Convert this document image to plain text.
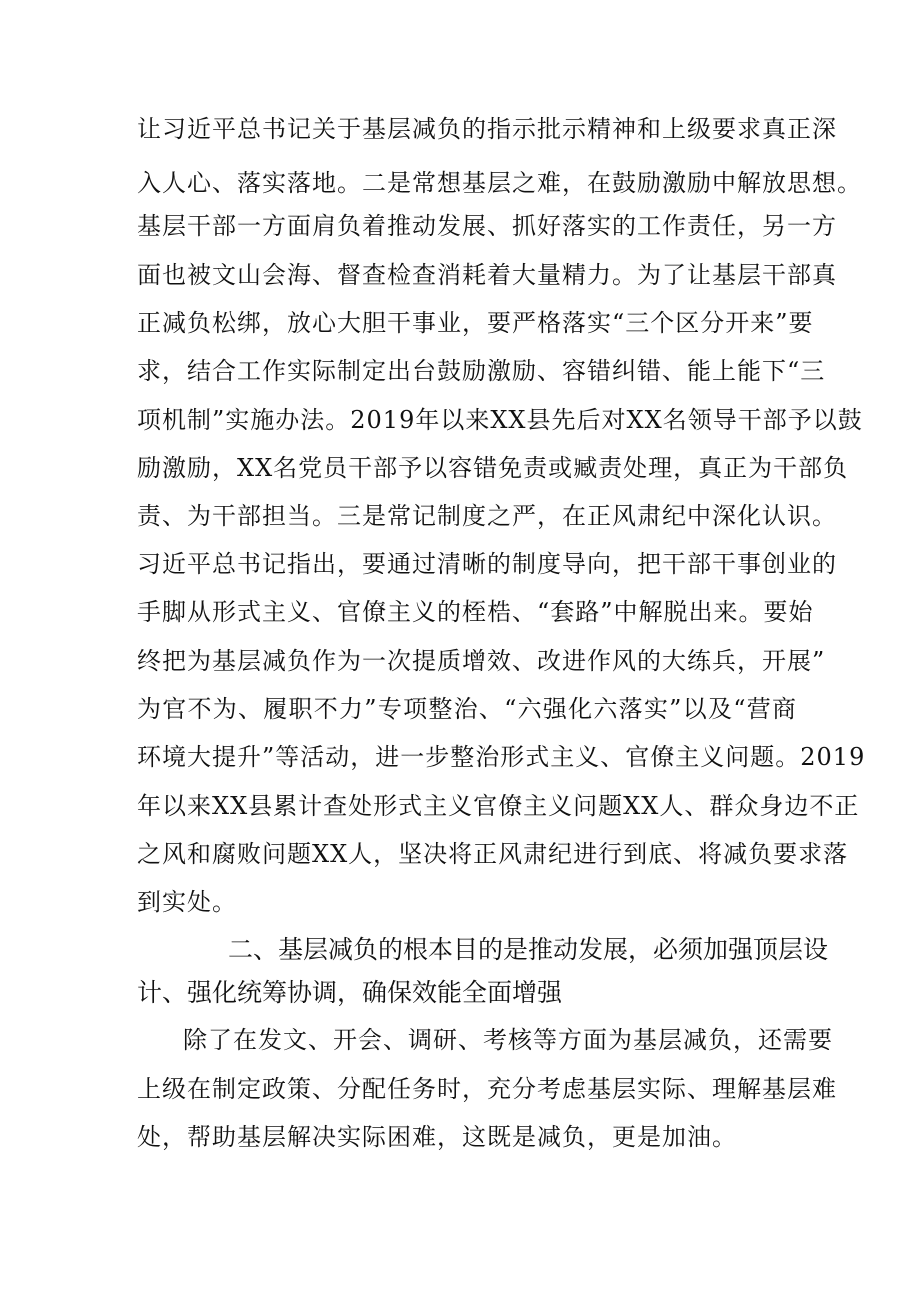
让习近平总书记关于基层减负的指示批示精神和上级要求真正深
入人心、落实落地。二是常想基层之难，在鼓励激励中解放思想。
基层干部一方面肩负着推动发展、抓好落实的工作责任，另一方
面也被文山会海、督查检查消耗着大量精力。为了让基层干部真
正减负松绑，放心大胆干事业，要严格落实“三个区分开来”要
求，结合工作实际制定出台鼓励激励、容错纠错、能上能下“三
项机制”实施办法。2019年以来XX县先后对XX名领导干部予以鼓
励激励，XX名党员干部予以容错免责或臧责处理，真正为干部负
责、为干部担当。三是常记制度之严，在正风肃纪中深化认识。
习近平总书记指出，要通过清晰的制度导向，把干部干事创业的
手脚从形式主义、官僚主义的桎梏、“套路”中解脱出来。要始
终把为基层减负作为一次提质增效、改进作风的大练兵，开展”
为官不为、履职不力”专项整治、“六强化六落实”以及“营商
环境大提升”等活动，进一步整治形式主义、官僚主义问题。2019
年以来XX县累计查处形式主义官僚主义问题XX人、群众身边不正
之风和腐败问题XX人，坚决将正风肃纪进行到底、将减负要求落
到实处。
二、基层减负的根本目的是推动发展，必须加强顶层设
计、强化统筹协调，确保效能全面增强
除了在发文、开会、调研、考核等方面为基层减负，还需要
上级在制定政策、分配任务时，充分考虑基层实际、理解基层难
处，帮助基层解决实际困难，这既是减负，更是加油。
